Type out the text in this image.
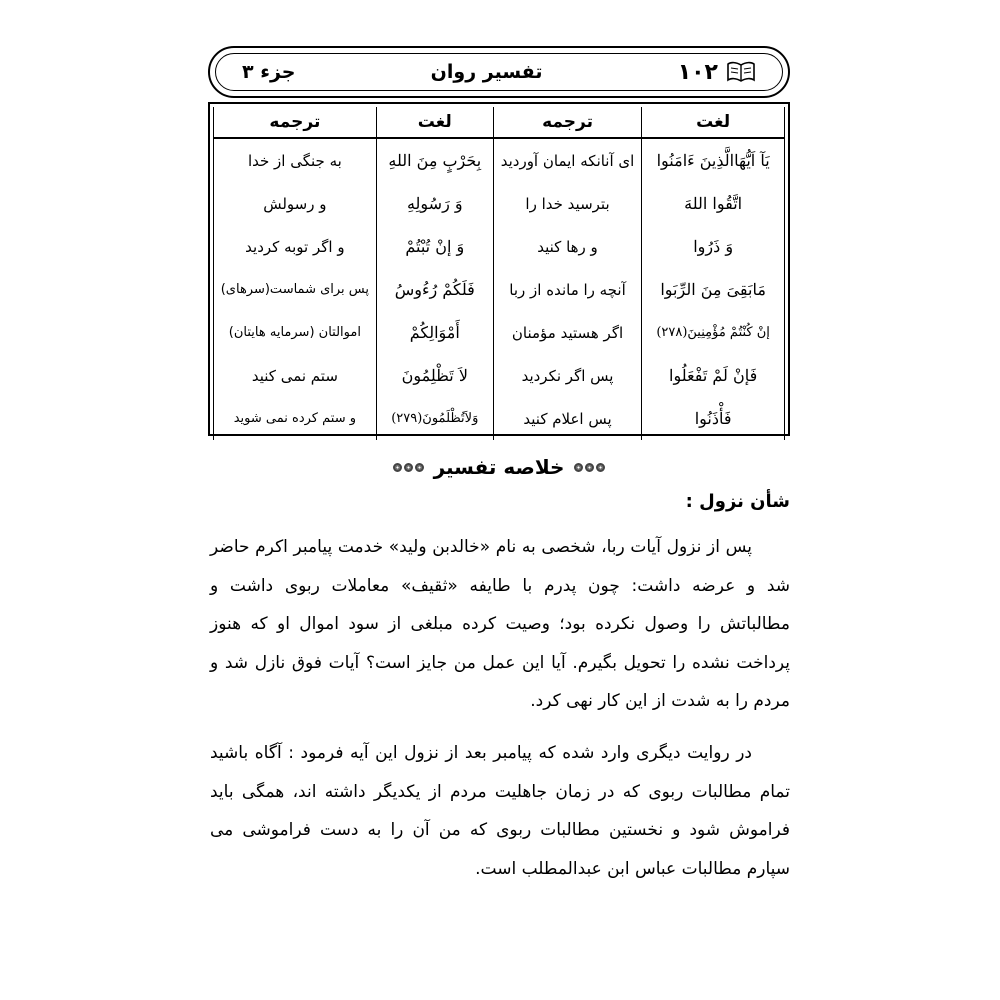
۱۰۲
تفسیر روان
جزء ۳
لغت	ترجمه	لغت	ترجمه
یَآ اَیُّهَاالَّذِینَ ءَامَنُوا	ای آنانکه ایمان آوردید	بِحَرْبٍ مِنَ اللهِ	به جنگی از خدا
اتَّقُوا اللهَ	بترسید خدا را	وَ رَسُولِهِ	و رسولش
وَ ذَرُوا	و رها کنید	وَ إنْ تُبْتُمْ	و اگر توبه کردید
مَابَقِیَ مِنَ الرِّبَوا	آنچه را مانده از ربا	فَلَكُمْ رُءُوسُ	پس برای شماست(سرهای)
إنْ كُنْتُمْ مُؤْمِنِينَ(۲۷۸)	اگر هستید مؤمنان	أَمْوَالِكُمْ	اموالتان (سرمایه هایتان)
فَإنْ لَمْ تَفْعَلُوا	پس اگر نکردید	لاَ تَظْلِمُونَ	ستم نمی کنید
فَأْذَنُوا	پس اعلام کنید	وَلاَتُظْلَمُونَ(۲۷۹)	و ستم کرده نمی شوید
خلاصه تفسیر
شأن نزول :

پس از نزول آیات ربا، شخصی به نام «خالدبن ولید» خدمت پیامبر اکرم حاضر شد و عرضه داشت: چون پدرم با طایفه «ثقیف» معاملات ربوی داشت و مطالباتش را وصول نکرده بود؛ وصیت کرده مبلغی از سود اموال او که هنوز پرداخت نشده را تحویل بگیرم. آیا این عمل من جایز است؟ آیات فوق نازل شد و مردم را به شدت از این کار نهی کرد.

در روایت دیگری وارد شده که پیامبر بعد از نزول این آیه فرمود : آگاه باشید تمام مطالبات ربوی که در زمان جاهلیت مردم از یکدیگر داشته اند، همگی باید فراموش شود و نخستین مطالبات ربوی که من آن را به دست فراموشی می سپارم مطالبات عباس ابن عبدالمطلب است.
